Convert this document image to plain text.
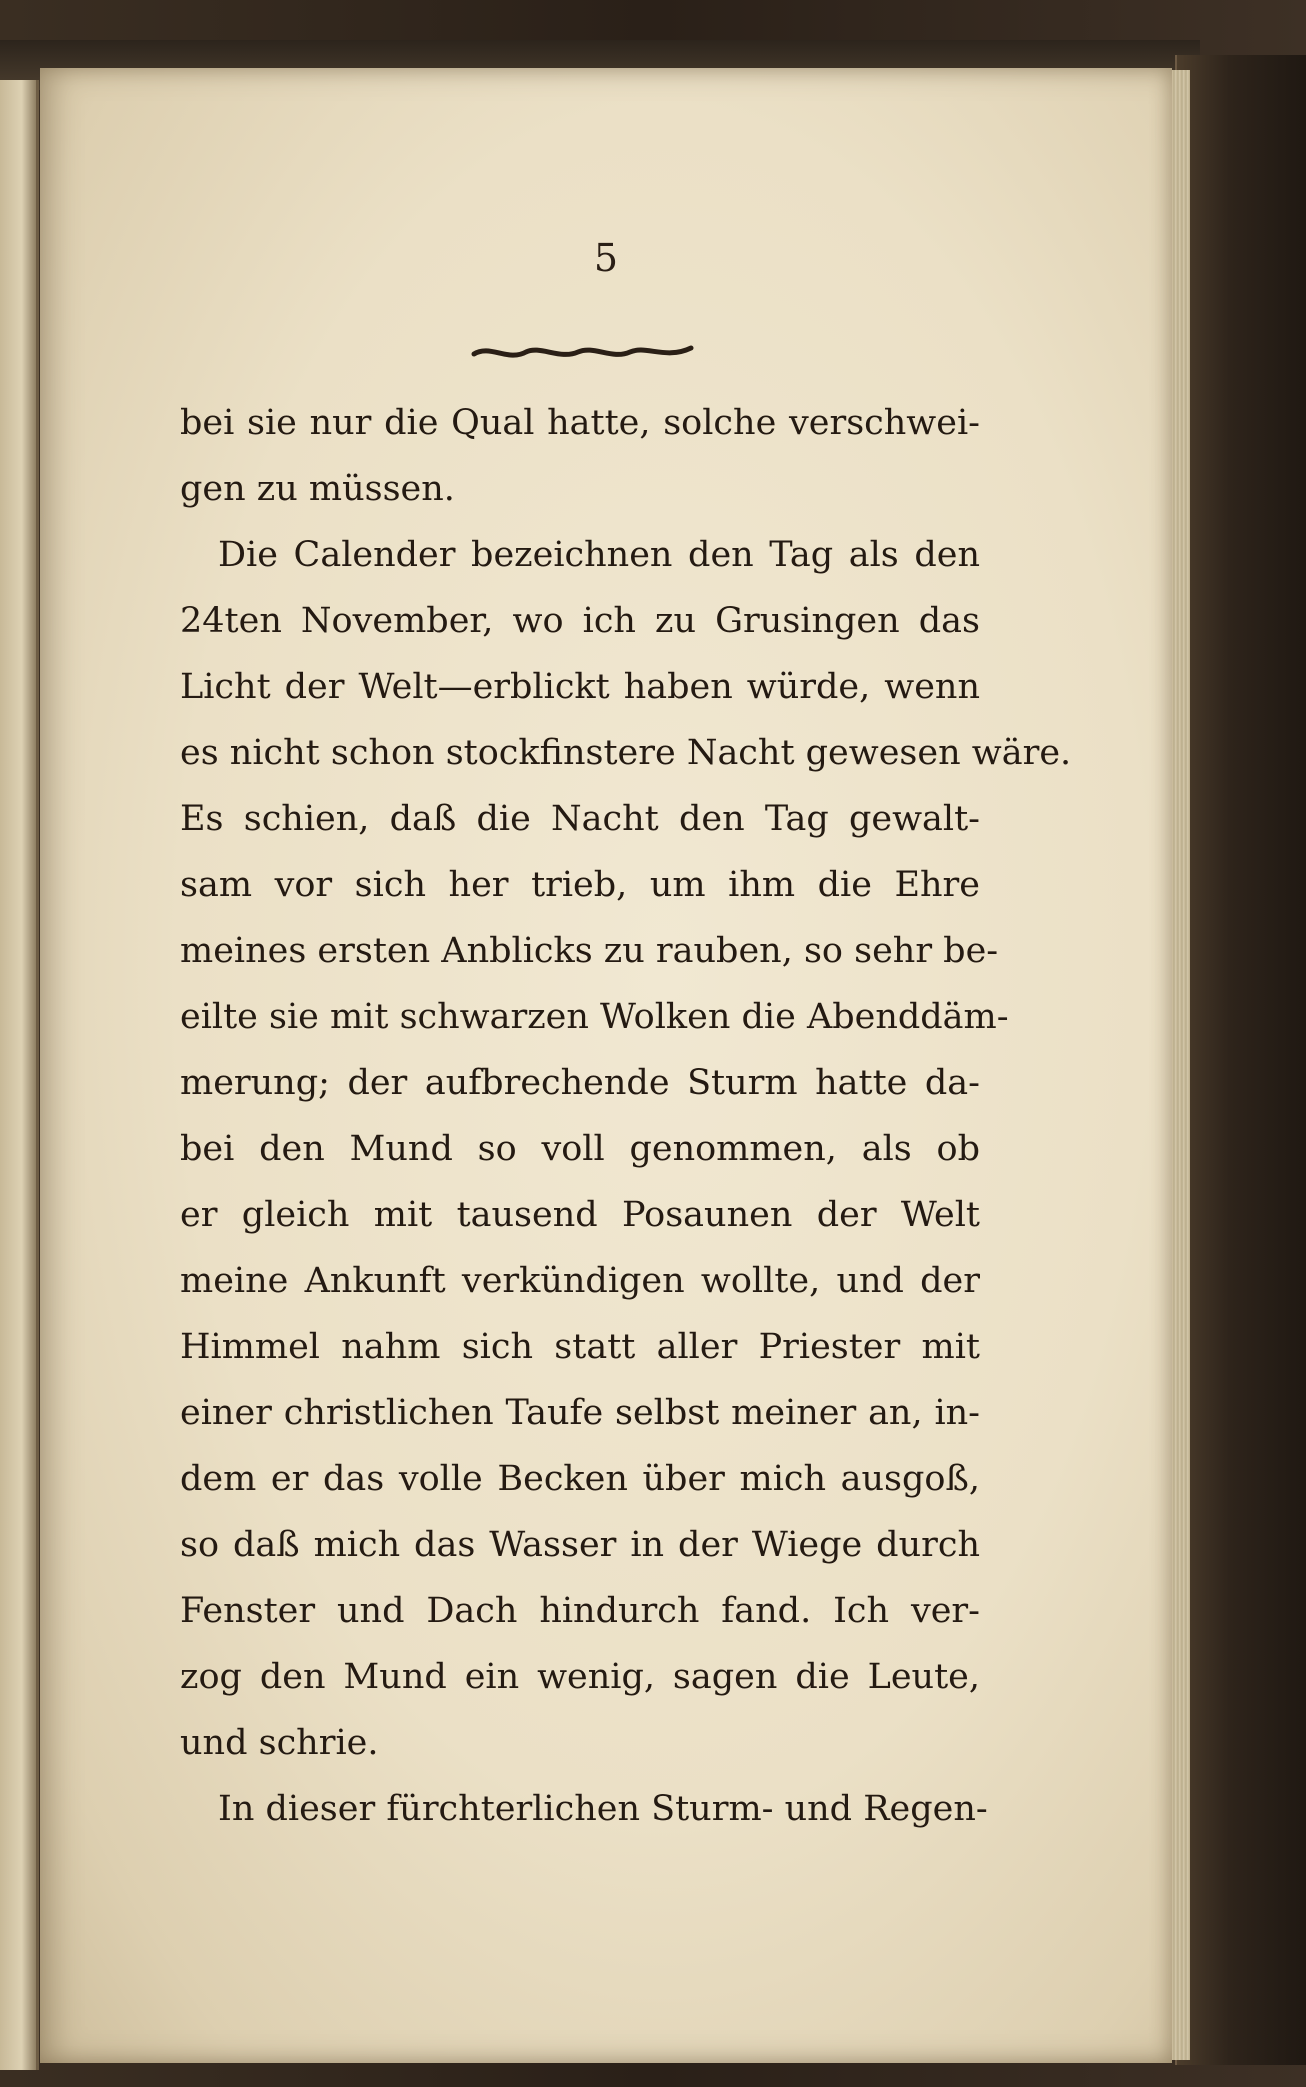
5
bei sie nur die Qual hatte, solche verschwei-
gen zu müssen.
Die Calender bezeichnen den Tag als den
24ten November, wo ich zu Grusingen das
Licht der Welt—erblickt haben würde, wenn
es nicht schon stockfinstere Nacht gewesen wäre.
Es schien, daß die Nacht den Tag gewalt-
sam vor sich her trieb, um ihm die Ehre
meines ersten Anblicks zu rauben, so sehr be-
eilte sie mit schwarzen Wolken die Abenddäm-
merung; der aufbrechende Sturm hatte da-
bei den Mund so voll genommen, als ob
er gleich mit tausend Posaunen der Welt
meine Ankunft verkündigen wollte, und der
Himmel nahm sich statt aller Priester mit
einer christlichen Taufe selbst meiner an, in-
dem er das volle Becken über mich ausgoß,
so daß mich das Wasser in der Wiege durch
Fenster und Dach hindurch fand. Ich ver-
zog den Mund ein wenig, sagen die Leute,
und schrie.
In dieser fürchterlichen Sturm- und Regen-
